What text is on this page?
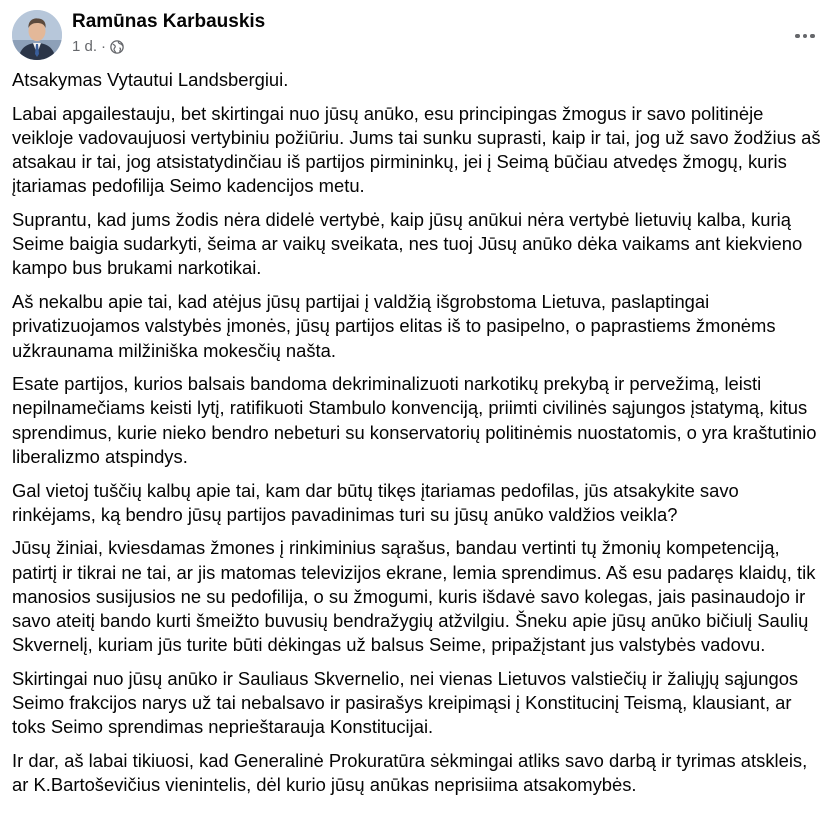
Ramūnas Karbauskis
1 d. ·

Atsakymas Vytautui Landsbergiui.

Labai apgailestauju, bet skirtingai nuo jūsų anūko, esu principingas žmogus ir savo politinėje veikloje vadovaujuosi vertybiniu požiūriu. Jums tai sunku suprasti, kaip ir tai, jog už savo žodžius aš atsakau ir tai, jog atsistatydinčiau iš partijos pirmininkų, jei į Seimą būčiau atvedęs žmogų, kuris įtariamas pedofilija Seimo kadencijos metu.

Suprantu, kad jums žodis nėra didelė vertybė, kaip jūsų anūkui nėra vertybė lietuvių kalba, kurią Seime baigia sudarkyti, šeima ar vaikų sveikata, nes tuoj Jūsų anūko dėka vaikams ant kiekvieno kampo bus brukami narkotikai.

Aš nekalbu apie tai, kad atėjus jūsų partijai į valdžią išgrobstoma Lietuva, paslaptingai privatizuojamos valstybės įmonės, jūsų partijos elitas iš to pasipelno, o paprastiems žmonėms užkraunama milžiniška mokesčių našta.

Esate partijos, kurios balsais bandoma dekriminalizuoti narkotikų prekybą ir pervežimą, leisti nepilnamečiams keisti lytį, ratifikuoti Stambulo konvenciją, priimti civilinės sąjungos įstatymą, kitus sprendimus, kurie nieko bendro nebeturi su konservatorių politinėmis nuostatomis, o yra kraštutinio liberalizmo atspindys.

Gal vietoj tuščių kalbų apie tai, kam dar būtų tikęs įtariamas pedofilas, jūs atsakykite savo rinkėjams, ką bendro jūsų partijos pavadinimas turi su jūsų anūko valdžios veikla?

Jūsų žiniai, kviesdamas žmones į rinkiminius sąrašus, bandau vertinti tų žmonių kompetenciją, patirtį ir tikrai ne tai, ar jis matomas televizijos ekrane, lemia sprendimus. Aš esu padaręs klaidų, tik manosios susijusios ne su pedofilija, o su žmogumi, kuris išdavė savo kolegas, jais pasinaudojo ir savo ateitį bando kurti šmeižto buvusių bendražygių atžvilgiu. Šneku apie jūsų anūko bičiulį Saulių Skvernelį, kuriam jūs turite būti dėkingas už balsus Seime, pripažįstant jus valstybės vadovu.

Skirtingai nuo jūsų anūko ir Sauliaus Skvernelio, nei vienas Lietuvos valstiečių ir žaliųjų sąjungos Seimo frakcijos narys už tai nebalsavo ir pasirašys kreipimąsi į Konstitucinį Teismą, klausiant, ar toks Seimo sprendimas neprieštarauja Konstitucijai.

Ir dar, aš labai tikiuosi, kad Generalinė Prokuratūra sėkmingai atliks savo darbą ir tyrimas atskleis, ar K.Bartoševičius vienintelis, dėl kurio jūsų anūkas neprisiima atsakomybės.
